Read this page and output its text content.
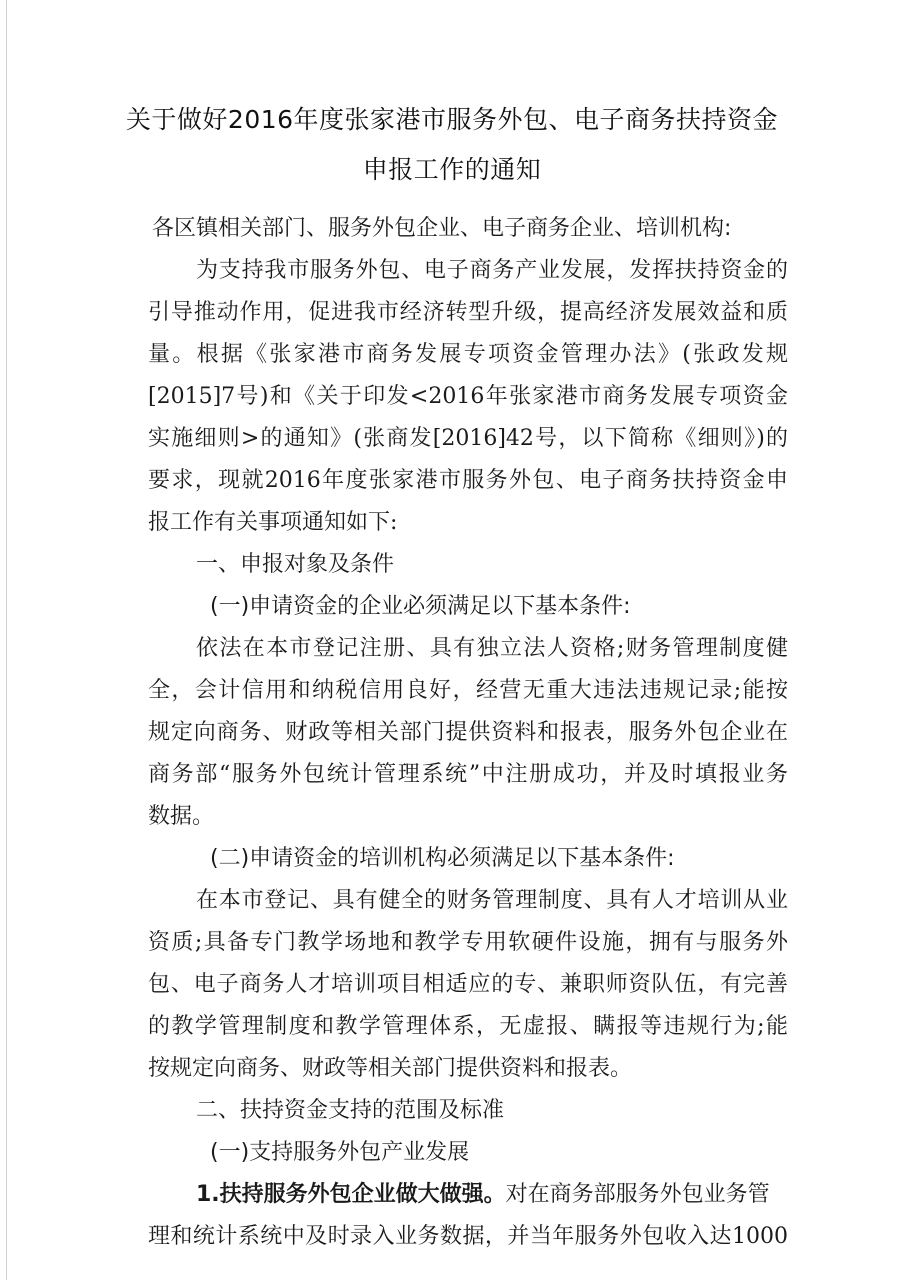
关于做好2016年度张家港市服务外包、电子商务扶持资金
申报工作的通知
各区镇相关部门、服务外包企业、电子商务企业、培训机构:
为支持我市服务外包、电子商务产业发展，发挥扶持资金的
引导推动作用，促进我市经济转型升级，提高经济发展效益和质
量。根据《张家港市商务发展专项资金管理办法》(张政发规
[2015]7号)和《关于印发<2016年张家港市商务发展专项资金
实施细则>的通知》(张商发[2016]42号，以下简称《细则》)的
要求，现就2016年度张家港市服务外包、电子商务扶持资金申
报工作有关事项通知如下:
一、申报对象及条件
(一)申请资金的企业必须满足以下基本条件:
依法在本市登记注册、具有独立法人资格;财务管理制度健
全，会计信用和纳税信用良好，经营无重大违法违规记录;能按
规定向商务、财政等相关部门提供资料和报表，服务外包企业在
商务部“服务外包统计管理系统”中注册成功，并及时填报业务
数据。
(二)申请资金的培训机构必须满足以下基本条件:
在本市登记、具有健全的财务管理制度、具有人才培训从业
资质;具备专门教学场地和教学专用软硬件设施，拥有与服务外
包、电子商务人才培训项目相适应的专、兼职师资队伍，有完善
的教学管理制度和教学管理体系，无虚报、瞒报等违规行为;能
按规定向商务、财政等相关部门提供资料和报表。
二、扶持资金支持的范围及标准
(一)支持服务外包产业发展
1.扶持服务外包企业做大做强。对在商务部服务外包业务管
理和统计系统中及时录入业务数据，并当年服务外包收入达1000
